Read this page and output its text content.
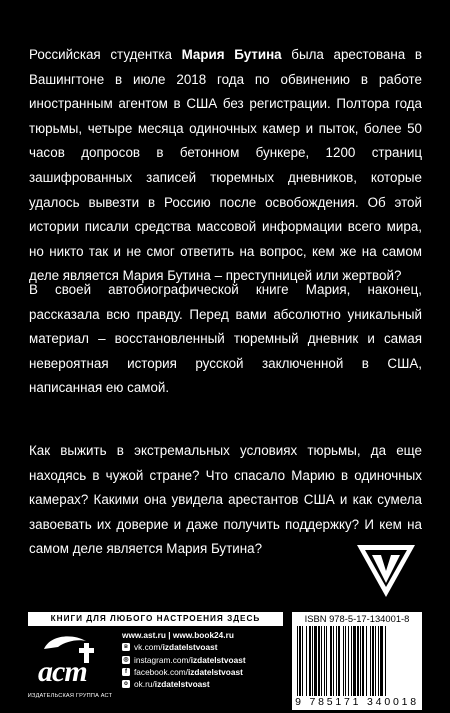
Российская студентка Мария Бутина была арестована в Вашингтоне в июле 2018 года по обвинению в работе иностранным агентом в США без регистрации. Полтора года тюрьмы, четыре месяца одиночных камер и пыток, более 50 часов допросов в бетонном бункере, 1200 страниц зашифрованных записей тюремных дневников, которые удалось вывезти в Россию после освобождения. Об этой истории писали средства массовой информации всего мира, но никто так и не смог ответить на вопрос, кем же на самом деле является Мария Бутина – преступницей или жертвой?
В своей автобиографической книге Мария, наконец, рассказала всю правду. Перед вами абсолютно уникальный материал – восстановленный тюремный дневник и самая невероятная история русской заключенной в США, написанная ею самой.
Как выжить в экстремальных условиях тюрьмы, да еще находясь в чужой стране? Что спасало Марию в одиночных камерах? Какими она увидела арестантов США и как сумела завоевать их доверие и даже получить поддержку? И кем на самом деле является Мария Бутина?
КНИГИ ДЛЯ ЛЮБОГО НАСТРОЕНИЯ ЗДЕСЬ
аст
ИЗДАТЕЛЬСКАЯ ГРУППА АСТ
www.ast.ru | www.book24.ru
в vk.com/ izdatelstvoast
◎ instagram.com/ izdatelstvoast
f facebook.com/ izdatelstvoast
о ok.ru/ izdatelstvoast
ISBN 978-5-17-134001-8
9 785171 340018
